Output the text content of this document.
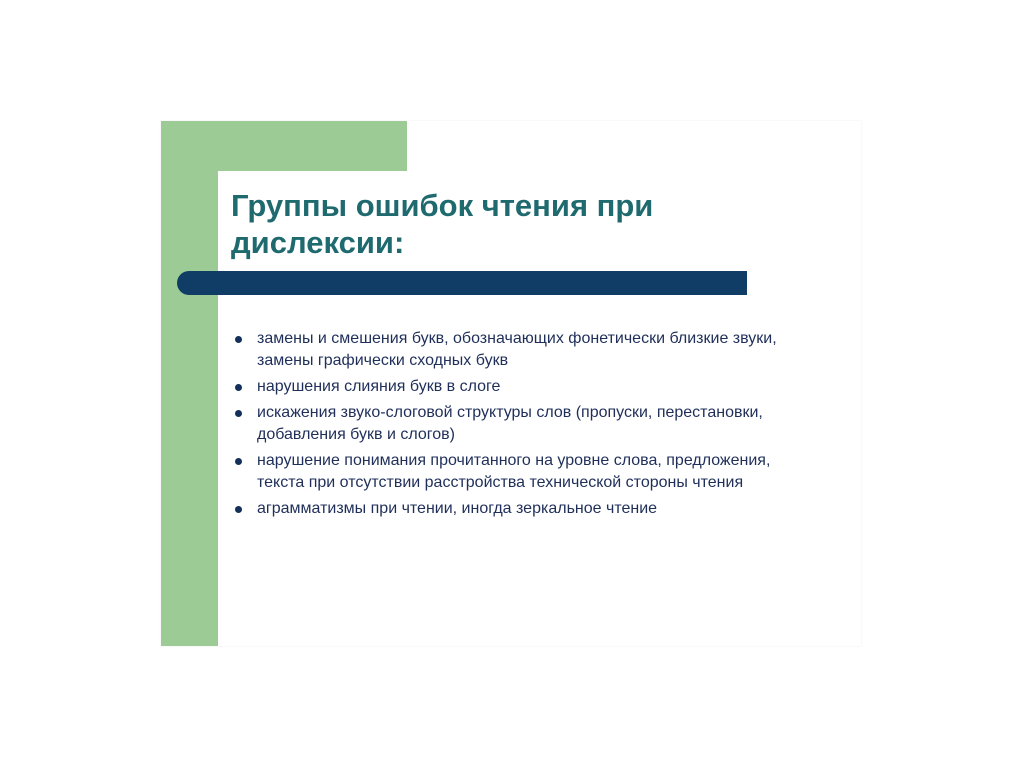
Группы ошибок чтения при дислексии:
замены и смешения букв, обозначающих фонетически близкие звуки, замены графически сходных букв
нарушения слияния букв в слоге
искажения звуко-слоговой структуры слов (пропуски, перестановки, добавления букв и слогов)
нарушение понимания прочитанного на уровне слова, предложения, текста при отсутствии расстройства технической стороны чтения
аграмматизмы при чтении, иногда зеркальное чтение
